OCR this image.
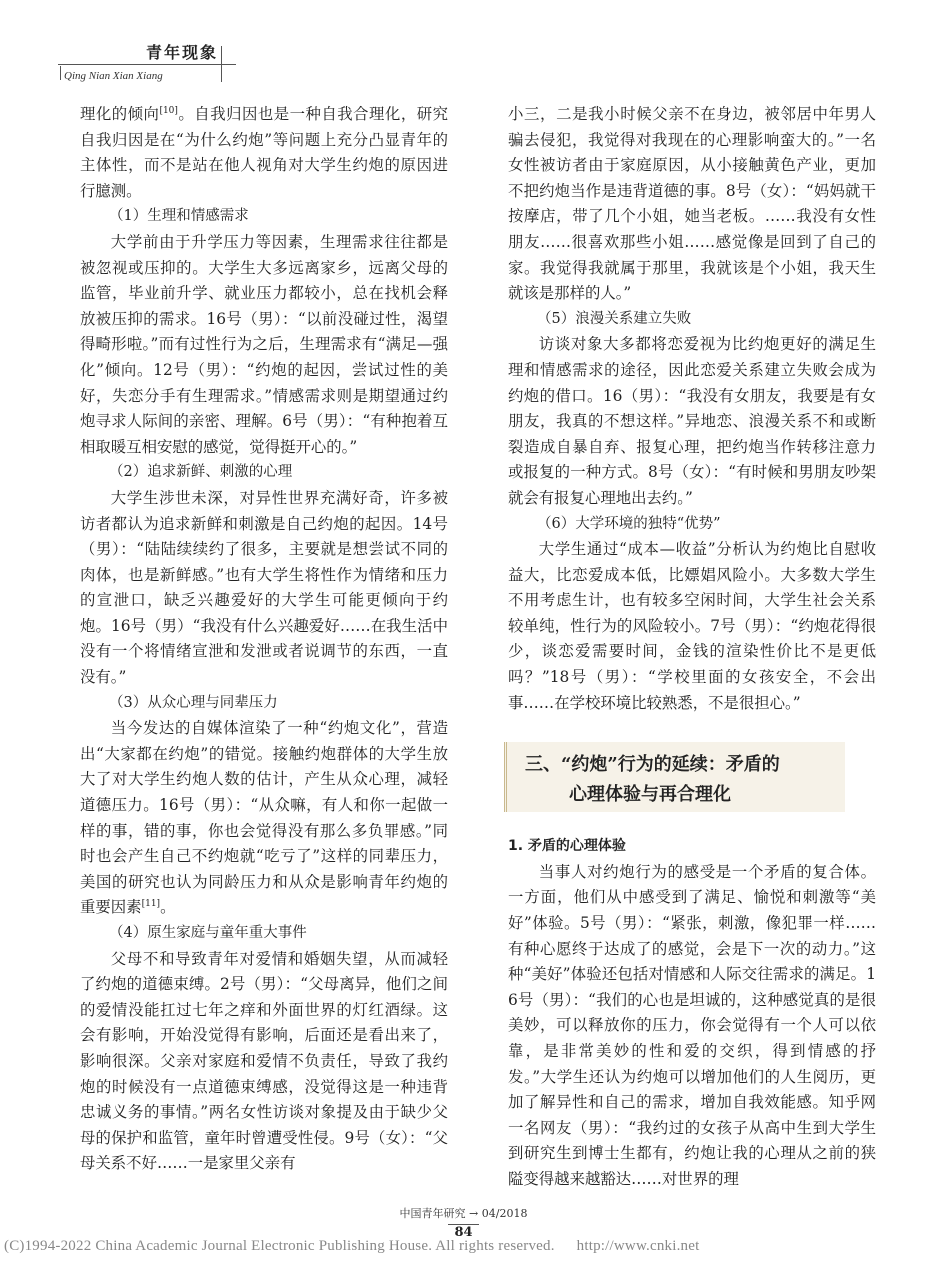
青年现象
Qing Nian Xian Xiang

理化的倾向[10]。自我归因也是一种自我合理化，研究自我归因是在“为什么约炮”等问题上充分凸显青年的主体性，而不是站在他人视角对大学生约炮的原因进行臆测。

（1）生理和情感需求

大学前由于升学压力等因素，生理需求往往都是被忽视或压抑的。大学生大多远离家乡，远离父母的监管，毕业前升学、就业压力都较小，总在找机会释放被压抑的需求。16号（男）：“以前没碰过性，渴望得畸形啦。”而有过性行为之后，生理需求有“满足—强化”倾向。12号（男）：“约炮的起因，尝试过性的美好，失恋分手有生理需求。”情感需求则是期望通过约炮寻求人际间的亲密、理解。6号（男）：“有种抱着互相取暖互相安慰的感觉，觉得挺开心的。”

（2）追求新鲜、刺激的心理

大学生涉世未深，对异性世界充满好奇，许多被访者都认为追求新鲜和刺激是自己约炮的起因。14号（男）：“陆陆续续约了很多，主要就是想尝试不同的肉体，也是新鲜感。”也有大学生将性作为情绪和压力的宣泄口，缺乏兴趣爱好的大学生可能更倾向于约炮。16号（男）“我没有什么兴趣爱好……在我生活中没有一个将情绪宣泄和发泄或者说调节的东西，一直没有。”

（3）从众心理与同辈压力

当今发达的自媒体渲染了一种“约炮文化”，营造出“大家都在约炮”的错觉。接触约炮群体的大学生放大了对大学生约炮人数的估计，产生从众心理，减轻道德压力。16号（男）：“从众嘛，有人和你一起做一样的事，错的事，你也会觉得没有那么多负罪感。”同时也会产生自己不约炮就“吃亏了”这样的同辈压力，美国的研究也认为同龄压力和从众是影响青年约炮的重要因素[11]。

（4）原生家庭与童年重大事件

父母不和导致青年对爱情和婚姻失望，从而减轻了约炮的道德束缚。2号（男）：“父母离异，他们之间的爱情没能扛过七年之痒和外面世界的灯红酒绿。这会有影响，开始没觉得有影响，后面还是看出来了，影响很深。父亲对家庭和爱情不负责任，导致了我约炮的时候没有一点道德束缚感，没觉得这是一种违背忠诚义务的事情。”两名女性访谈对象提及由于缺少父母的保护和监管，童年时曾遭受性侵。9号（女）：“父母关系不好……一是家里父亲有

小三，二是我小时候父亲不在身边，被邻居中年男人骗去侵犯，我觉得对我现在的心理影响蛮大的。”一名女性被访者由于家庭原因，从小接触黄色产业，更加不把约炮当作是违背道德的事。8号（女）：“妈妈就干按摩店，带了几个小姐，她当老板。……我没有女性朋友……很喜欢那些小姐……感觉像是回到了自己的家。我觉得我就属于那里，我就该是个小姐，我天生就该是那样的人。”

（5）浪漫关系建立失败

访谈对象大多都将恋爱视为比约炮更好的满足生理和情感需求的途径，因此恋爱关系建立失败会成为约炮的借口。16（男）：“我没有女朋友，我要是有女朋友，我真的不想这样。”异地恋、浪漫关系不和或断裂造成自暴自弃、报复心理，把约炮当作转移注意力或报复的一种方式。8号（女）：“有时候和男朋友吵架就会有报复心理地出去约。”

（6）大学环境的独特“优势”

大学生通过“成本—收益”分析认为约炮比自慰收益大，比恋爱成本低，比嫖娼风险小。大多数大学生不用考虑生计，也有较多空闲时间，大学生社会关系较单纯，性行为的风险较小。7号（男）：“约炮花得很少，谈恋爱需要时间，金钱的渲染性价比不是更低吗？”18号（男）：“学校里面的女孩安全，不会出事……在学校环境比较熟悉，不是很担心。”

三、“约炮”行为的延续：矛盾的
心理体验与再合理化
1. 矛盾的心理体验

当事人对约炮行为的感受是一个矛盾的复合体。一方面，他们从中感受到了满足、愉悦和刺激等“美好”体验。5号（男）：“紧张，刺激，像犯罪一样……有种心愿终于达成了的感觉，会是下一次的动力。”这种“美好”体验还包括对情感和人际交往需求的满足。16号（男）：“我们的心也是坦诚的，这种感觉真的是很美妙，可以释放你的压力，你会觉得有一个人可以依靠，是非常美妙的性和爱的交织，得到情感的抒发。”大学生还认为约炮可以增加他们的人生阅历，更加了解异性和自己的需求，增加自我效能感。知乎网一名网友（男）：“我约过的女孩子从高中生到大学生到研究生到博士生都有，约炮让我的心理从之前的狭隘变得越来越豁达……对世界的理

中国青年研究 → 04/2018
84
(C)1994-2022 China Academic Journal Electronic Publishing House. All rights reserved. http://www.cnki.net
